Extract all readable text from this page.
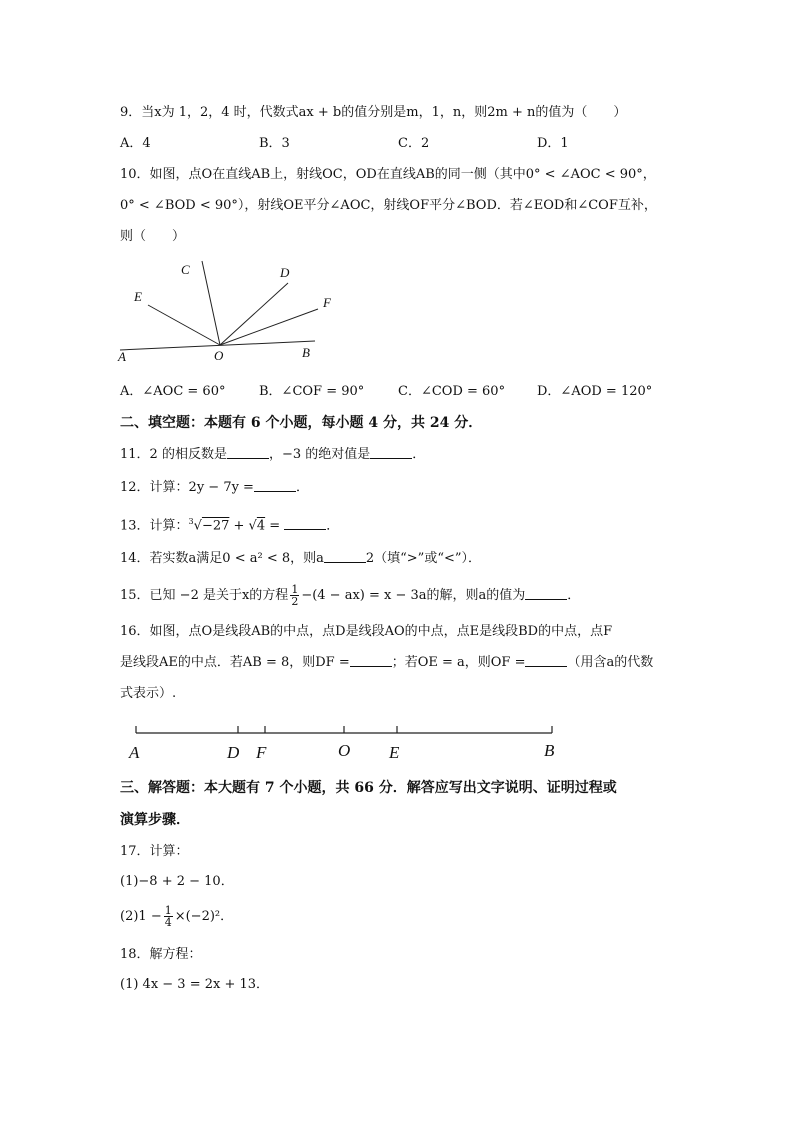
9．当x为 1，2，4 时，代数式ax + b的值分别是m，1，n，则2m + n的值为（　　）
A．4	B．3	C．2	D．1
10．如图，点O在直线AB上，射线OC，OD在直线AB的同一侧（其中0° < ∠AOC < 90°，
0° < ∠BOD < 90°），射线OE平分∠AOC，射线OF平分∠BOD．若∠EOD和∠COF互补，
则（　　）
A	O	B
C	D
E	F
A．∠AOC = 60°	B．∠COF = 90°	C．∠COD = 60° D．∠AOD = 120°
二、填空题：本题有 6 个小题，每小题 4 分，共 24 分．
11．2 的相反数是	，−3 的绝对值是	．
12．计算：2y − 7y =	．
13．计算：$^3$√−27 + √4 =	．
14．若实数a满足0 < a² < 8，则a	2（填“>”或“<”）．
15．已知 −2 是关于x的方程 $\frac{1}{2} -(4 - ax) = x - 3a$的解，则a的值为	．
16．如图，点O是线段AB的中点，点D是线段AO的中点，点E是线段BD的中点，点F
是线段AE的中点．若AB = 8，则DF =	；若OE = a，则OF =	（用含a的代数
式表示）.
A	D F	O E	B
三、解答题：本大题有 7 个小题，共 66 分．解答应写出文字说明、证明过程或
演算步骤．
17．计算：
(1)−8 + 2 − 10．
$(2)1 - \frac{1}{4} \times(-2)^2$．
18．解方程：
(1) 4x − 3 = 2x + 13．
